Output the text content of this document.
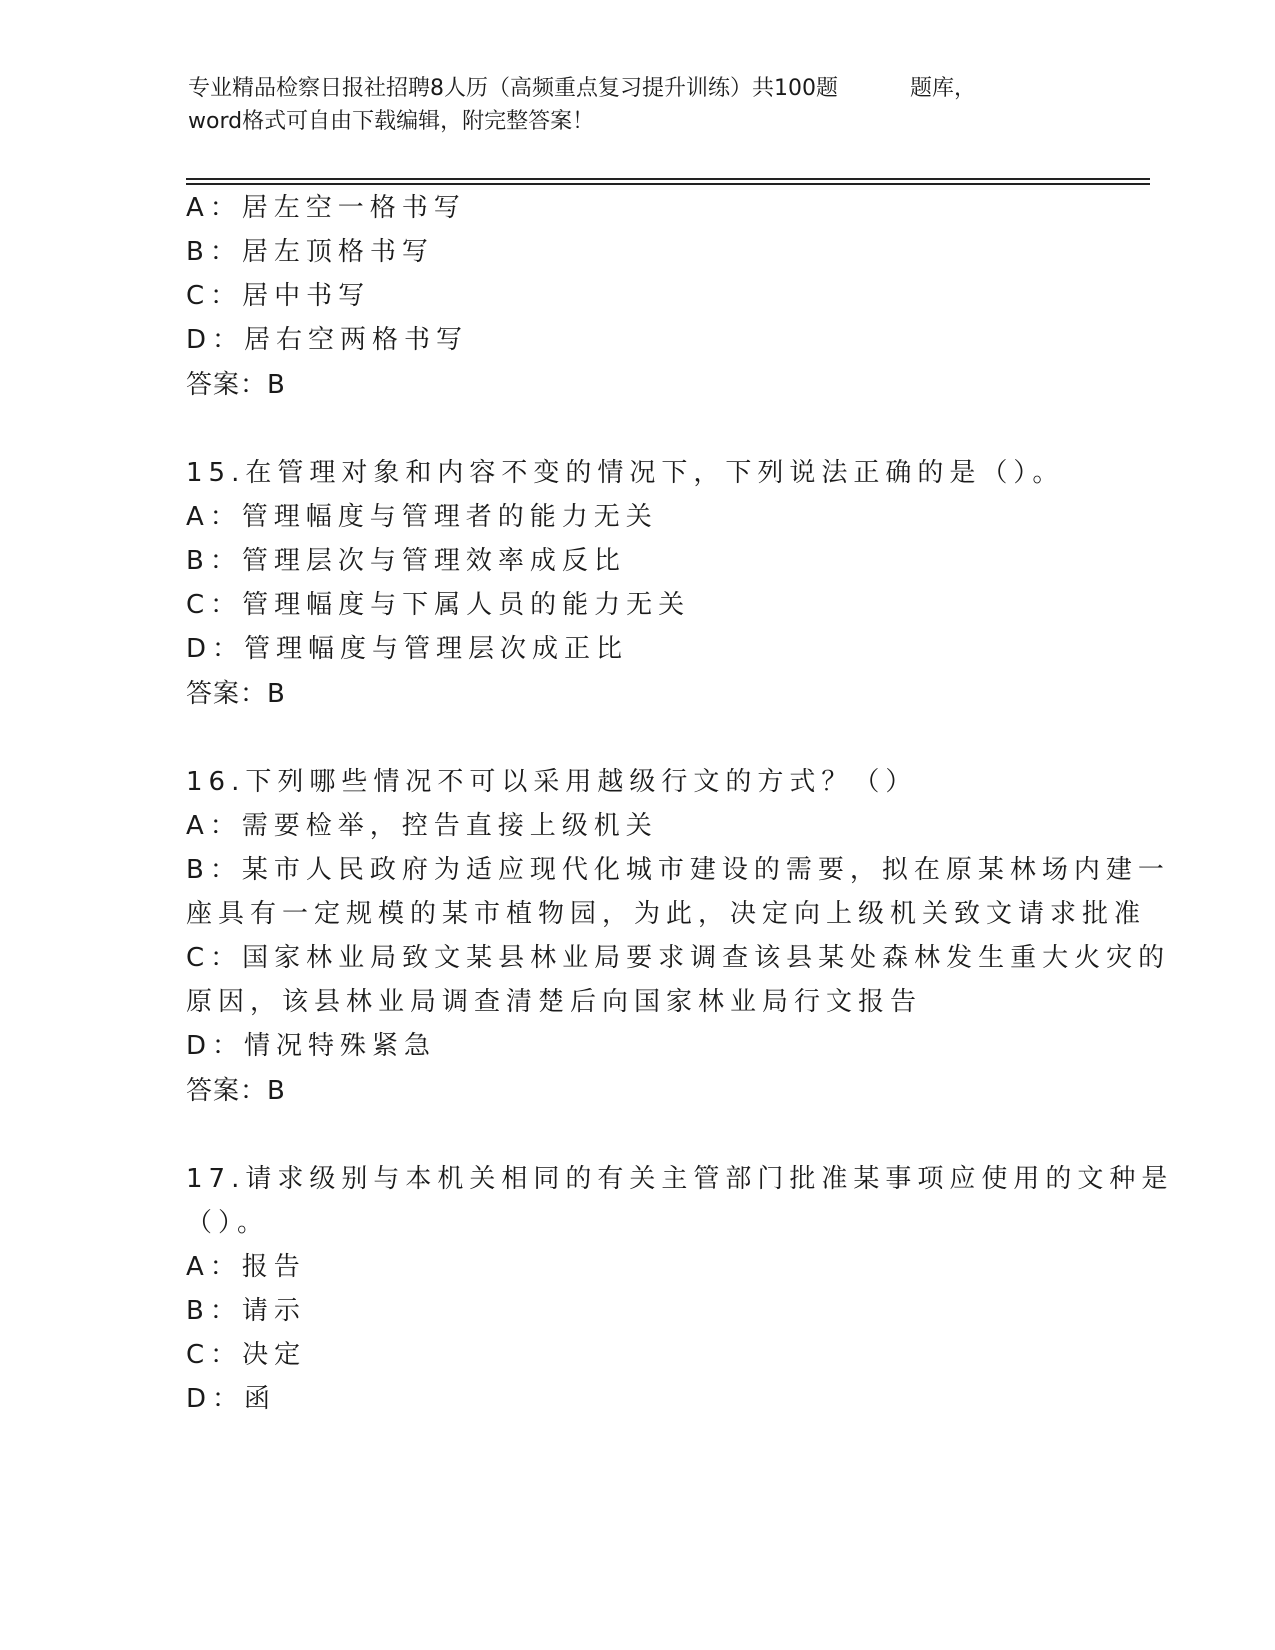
专业精品检察日报社招聘8人历（高频重点复习提升训练）共100题	题库，
word格式可自由下载编辑，附完整答案！
A：居左空一格书写
B：居左顶格书写
C：居中书写
D：居右空两格书写
答案：B
15.在管理对象和内容不变的情况下，下列说法正确的是（）。
A：管理幅度与管理者的能力无关
B：管理层次与管理效率成反比
C：管理幅度与下属人员的能力无关
D：管理幅度与管理层次成正比
答案：B
16.下列哪些情况不可以采用越级行文的方式？（）
A：需要检举，控告直接上级机关
B：某市人民政府为适应现代化城市建设的需要，拟在原某林场内建一
座具有一定规模的某市植物园，为此，决定向上级机关致文请求批准
C：国家林业局致文某县林业局要求调查该县某处森林发生重大火灾的
原因，该县林业局调查清楚后向国家林业局行文报告
D：情况特殊紧急
答案：B
17.请求级别与本机关相同的有关主管部门批准某事项应使用的文种是
（）。
A：报告
B：请示
C：决定
D：函
